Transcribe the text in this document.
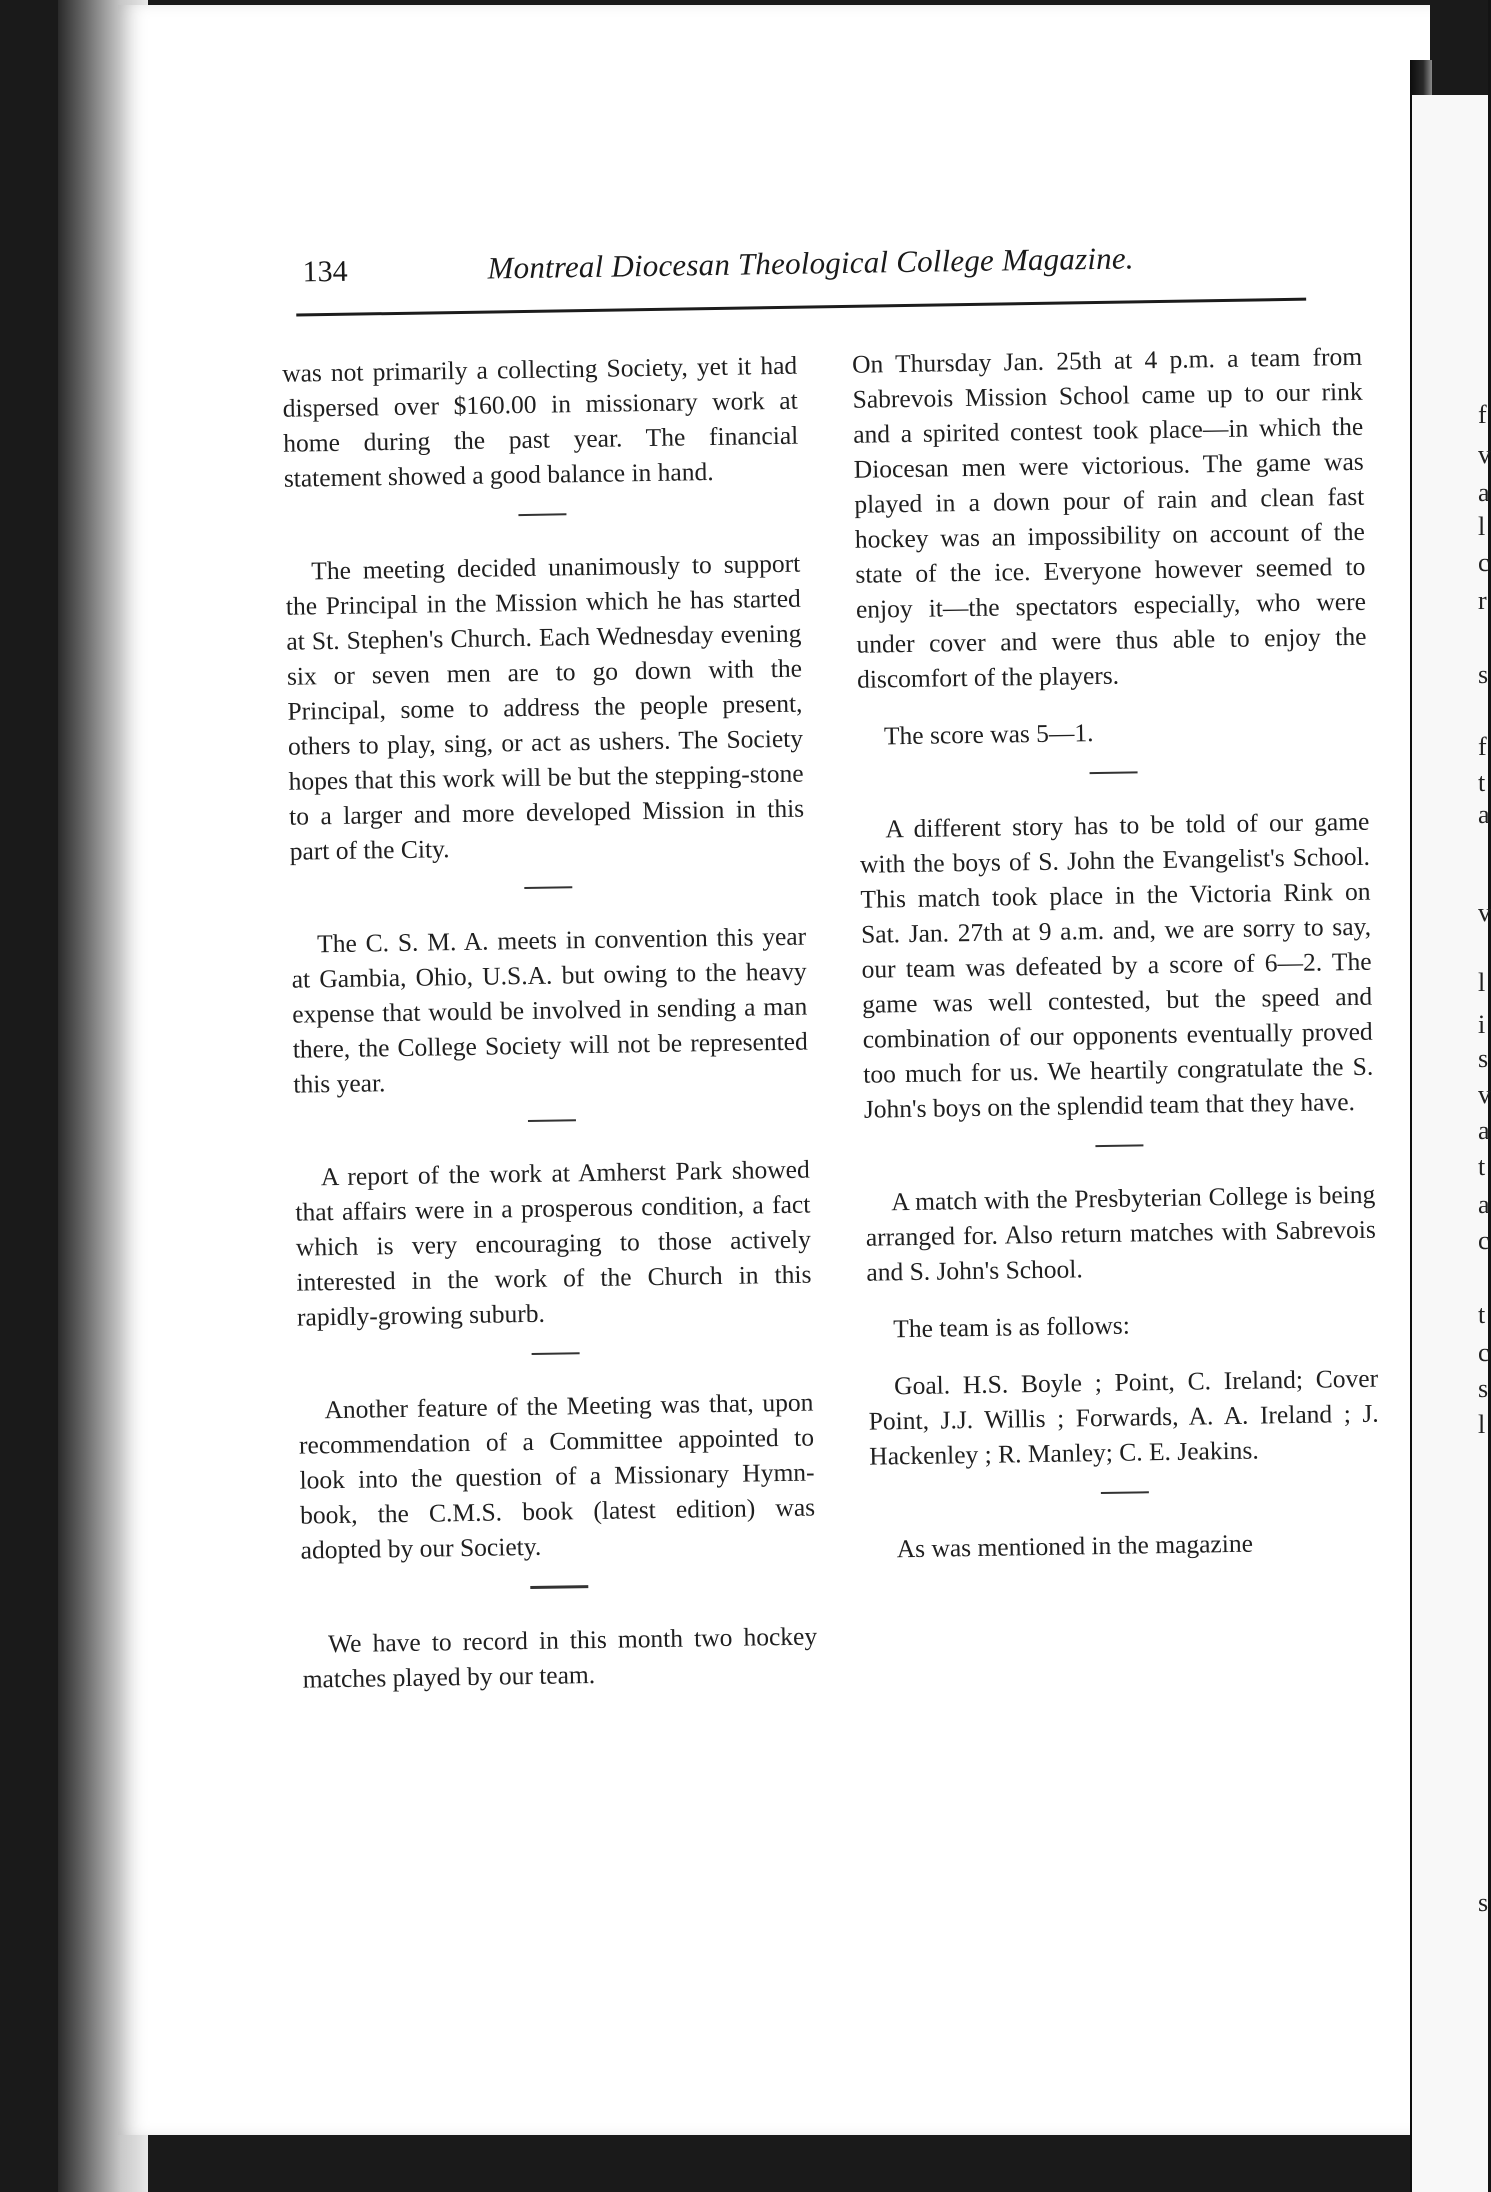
f
v
a
l
c
r
s
f
t
a
v
l
i
s
v
a
t
a
c
t
c
s
l
s
134	Montreal Diocesan Theological College Magazine.

was not primarily a collecting Society, yet it had dispersed over $160.00 in missionary work at home during the past year. The financial statement showed a good balance in hand.

The meeting decided unanimously to support the Principal in the Mission which he has started at St. Stephen's Church. Each Wednesday evening six or seven men are to go down with the Principal, some to address the people present, others to play, sing, or act as ushers. The Society hopes that this work will be but the stepping-stone to a larger and more developed Mission in this part of the City.

The C. S. M. A. meets in convention this year at Gambia, Ohio, U.S.A. but owing to the heavy expense that would be involved in sending a man there, the College Society will not be represented this year.

A report of the work at Amherst Park showed that affairs were in a prosperous condition, a fact which is very encouraging to those actively interested in the work of the Church in this rapidly-growing suburb.

Another feature of the Meeting was that, upon recommendation of a Committee appointed to look into the question of a Missionary Hymn-book, the C.M.S. book (latest edition) was adopted by our Society.

We have to record in this month two hockey matches played by our team.

On Thursday Jan. 25th at 4 p.m. a team from Sabrevois Mission School came up to our rink and a spirited contest took place—in which the Diocesan men were victorious. The game was played in a down pour of rain and clean fast hockey was an impossibility on account of the state of the ice. Everyone however seemed to enjoy it—the spectators especially, who were under cover and were thus able to enjoy the discomfort of the players.

The score was 5—1.

A different story has to be told of our game with the boys of S. John the Evangelist's School. This match took place in the Victoria Rink on Sat. Jan. 27th at 9 a.m. and, we are sorry to say, our team was defeated by a score of 6—2. The game was well contested, but the speed and combination of our opponents eventually proved too much for us. We heartily congratulate the S. John's boys on the splendid team that they have.

A match with the Presbyterian College is being arranged for. Also return matches with Sabrevois and S. John's School.

The team is as follows:

Goal. H.S. Boyle ; Point, C. Ireland; Cover Point, J.J. Willis ; Forwards, A. A. Ireland ; J. Hackenley ; R. Manley; C. E. Jeakins.

As was mentioned in the magazine
